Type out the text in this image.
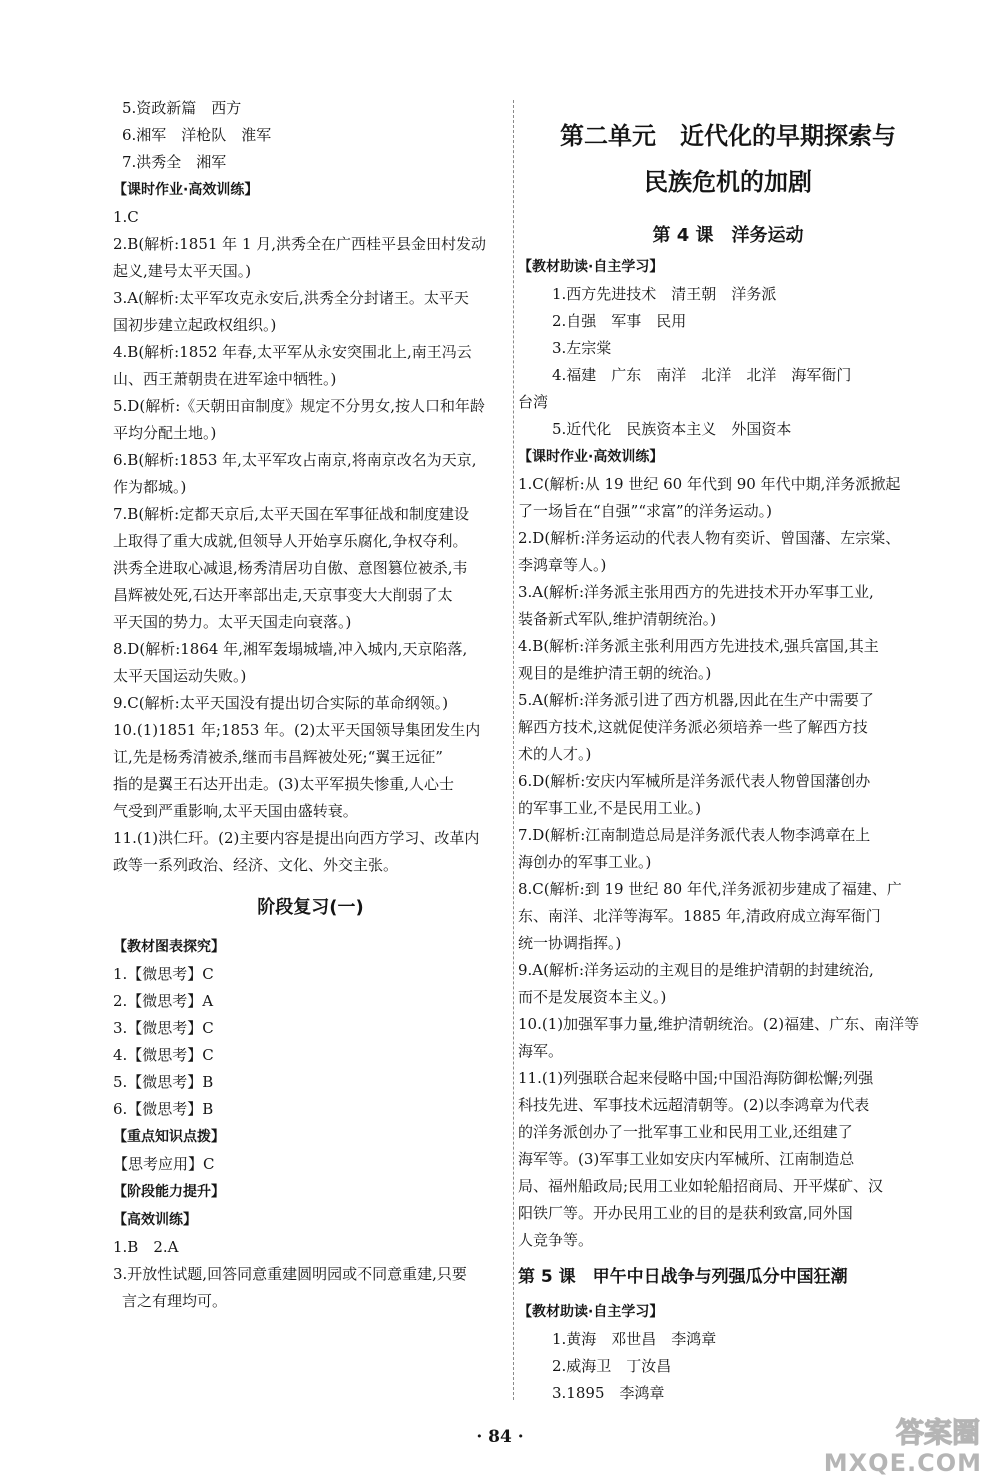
5.资政新篇　西方
6.湘军　洋枪队　淮军
7.洪秀全　湘军
【课时作业·高效训练】
1.C
2.B(解析:1851 年 1 月,洪秀全在广西桂平县金田村发动
起义,建号太平天国。)
3.A(解析:太平军攻克永安后,洪秀全分封诸王。太平天
国初步建立起政权组织。)
4.B(解析:1852 年春,太平军从永安突围北上,南王冯云
山、西王萧朝贵在进军途中牺牲。)
5.D(解析:《天朝田亩制度》规定不分男女,按人口和年龄
平均分配土地。)
6.B(解析:1853 年,太平军攻占南京,将南京改名为天京,
作为都城。)
7.B(解析:定都天京后,太平天国在军事征战和制度建设
上取得了重大成就,但领导人开始享乐腐化,争权夺利。
洪秀全进取心减退,杨秀清居功自傲、意图篡位被杀,韦
昌辉被处死,石达开率部出走,天京事变大大削弱了太
平天国的势力。太平天国走向衰落。)
8.D(解析:1864 年,湘军轰塌城墙,冲入城内,天京陷落,
太平天国运动失败。)
9.C(解析:太平天国没有提出切合实际的革命纲领。)
10.(1)1851 年;1853 年。(2)太平天国领导集团发生内
讧,先是杨秀清被杀,继而韦昌辉被处死;“翼王远征”
指的是翼王石达开出走。(3)太平军损失惨重,人心士
气受到严重影响,太平天国由盛转衰。
11.(1)洪仁玕。(2)主要内容是提出向西方学习、改革内
政等一系列政治、经济、文化、外交主张。
阶段复习(一)
【教材图表探究】
1.【微思考】C
2.【微思考】A
3.【微思考】C
4.【微思考】C
5.【微思考】B
6.【微思考】B
【重点知识点拨】
【思考应用】C
【阶段能力提升】
【高效训练】
1.B　2.A
3.开放性试题,回答同意重建圆明园或不同意重建,只要
言之有理均可。
第二单元　近代化的早期探索与
民族危机的加剧
第 4 课　洋务运动
【教材助读·自主学习】
1.西方先进技术　清王朝　洋务派
2.自强　军事　民用
3.左宗棠
4.福建　广东　南洋　北洋　北洋　海军衙门
台湾
5.近代化　民族资本主义　外国资本
【课时作业·高效训练】
1.C(解析:从 19 世纪 60 年代到 90 年代中期,洋务派掀起
了一场旨在“自强”“求富”的洋务运动。)
2.D(解析:洋务运动的代表人物有奕䜣、曾国藩、左宗棠、
李鸿章等人。)
3.A(解析:洋务派主张用西方的先进技术开办军事工业,
装备新式军队,维护清朝统治。)
4.B(解析:洋务派主张利用西方先进技术,强兵富国,其主
观目的是维护清王朝的统治。)
5.A(解析:洋务派引进了西方机器,因此在生产中需要了
解西方技术,这就促使洋务派必须培养一些了解西方技
术的人才。)
6.D(解析:安庆内军械所是洋务派代表人物曾国藩创办
的军事工业,不是民用工业。)
7.D(解析:江南制造总局是洋务派代表人物李鸿章在上
海创办的军事工业。)
8.C(解析:到 19 世纪 80 年代,洋务派初步建成了福建、广
东、南洋、北洋等海军。1885 年,清政府成立海军衙门
统一协调指挥。)
9.A(解析:洋务运动的主观目的是维护清朝的封建统治,
而不是发展资本主义。)
10.(1)加强军事力量,维护清朝统治。(2)福建、广东、南洋等
海军。
11.(1)列强联合起来侵略中国;中国沿海防御松懈;列强
科技先进、军事技术远超清朝等。(2)以李鸿章为代表
的洋务派创办了一批军事工业和民用工业,还组建了
海军等。(3)军事工业如安庆内军械所、江南制造总
局、福州船政局;民用工业如轮船招商局、开平煤矿、汉
阳铁厂等。开办民用工业的目的是获利致富,同外国
人竞争等。
第 5 课　甲午中日战争与列强瓜分中国狂潮
【教材助读·自主学习】
1.黄海　邓世昌　李鸿章
2.威海卫　丁汝昌
3.1895　李鸿章
· 84 ·	答案圈
MXQE.COM
